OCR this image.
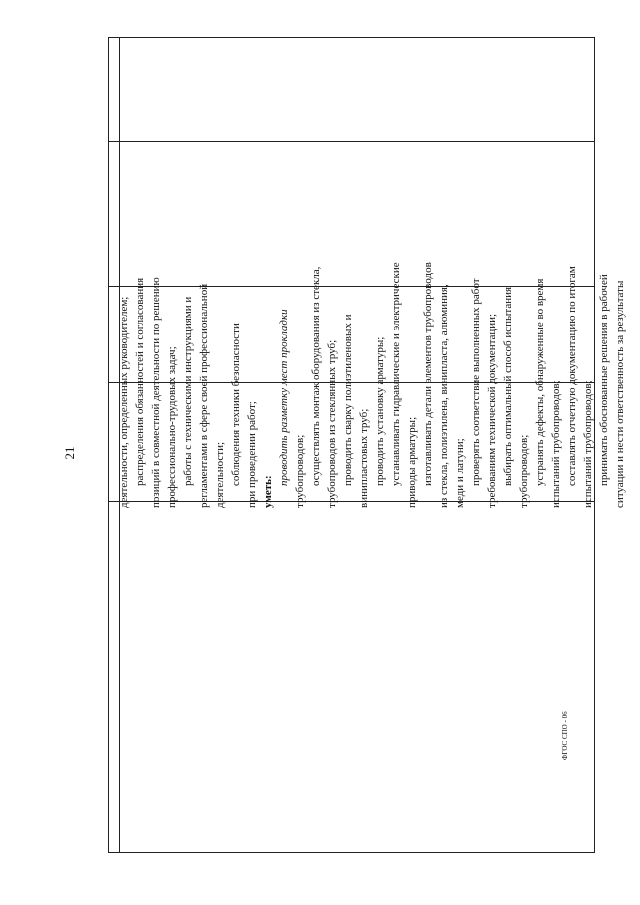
21
ФГОС СПО - 06
деятельности, определенных руководителем; распределения обязанностей и согласования позиций в совместной деятельности по решению профессионально-трудовых задач; работы с техническими инструкциями и регламентами в сфере своей профессиональной деятельности; соблюдения техники безопасности при проведении работ; уметь:
проводить разметку мест прокладки трубопроводов; осуществлять монтаж оборудования из стекла, трубопроводов из стеклянных труб; проводить сварку полиэтиленовых и винипластовых труб; проводить установку арматуры; устанавливать гидравлические и электрические приводы арматуры; изготавливать детали элементов трубопроводов из стекла, полиэтилена, винипласта, алюминия, меди и латуни; проверять соответствие выполненных работ требованиям технической документации; выбирать оптимальный способ испытания трубопроводов; устранять дефекты, обнаруженные во время испытаний трубопроводов; составлять отчетную документацию по итогам испытаний трубопроводов; принимать обоснованные решения в рабочей ситуации и нести ответственность за результаты
